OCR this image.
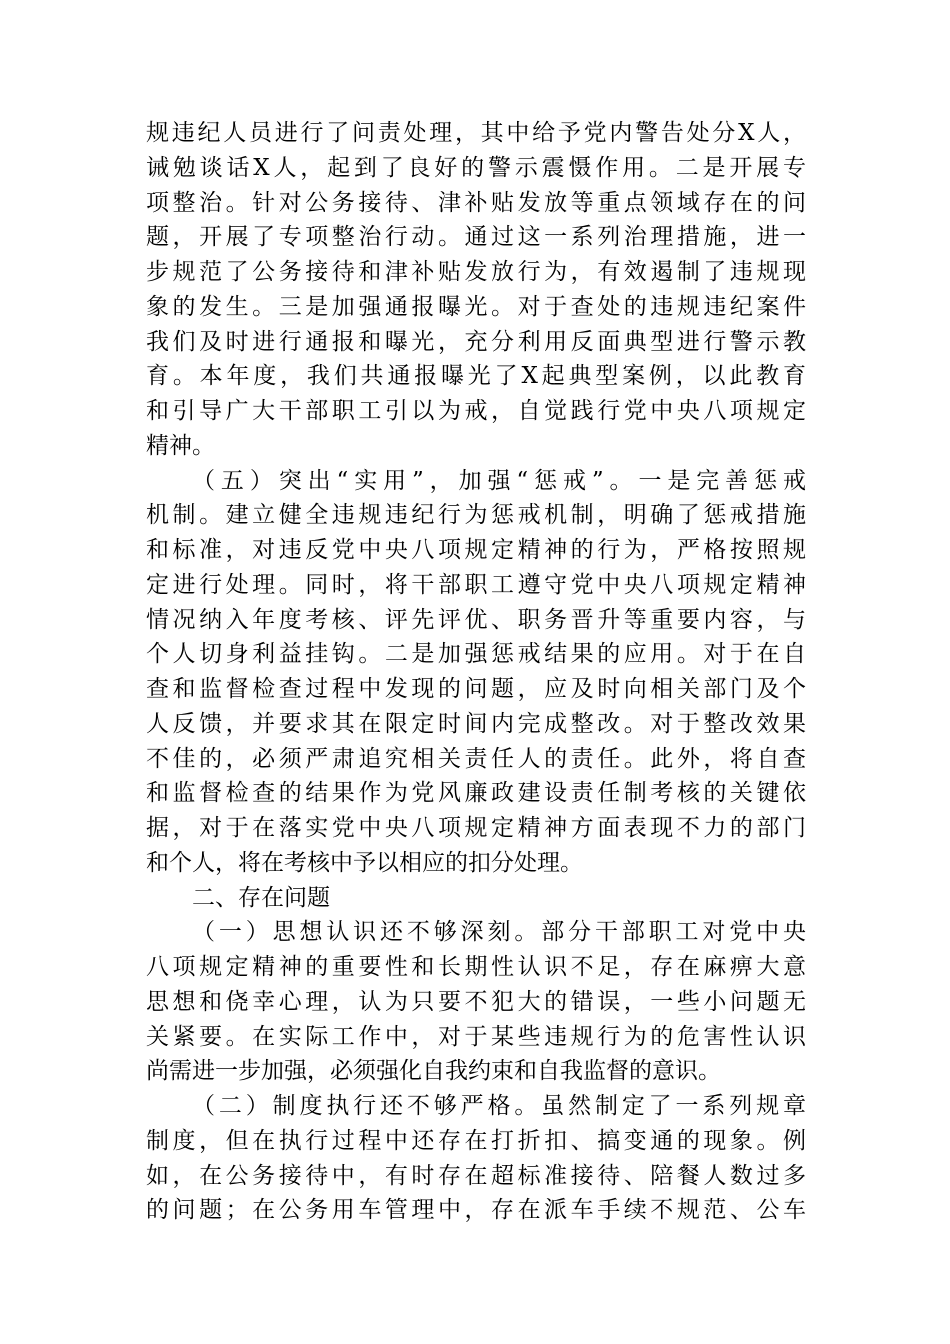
规违纪人员进行了问责处理，其中给予党内警告处分X人，
诫勉谈话X人，起到了良好的警示震慑作用。二是开展专
项整治。针对公务接待、津补贴发放等重点领域存在的问
题，开展了专项整治行动。通过这一系列治理措施，进一
步规范了公务接待和津补贴发放行为，有效遏制了违规现
象的发生。三是加强通报曝光。对于查处的违规违纪案件
我们及时进行通报和曝光，充分利用反面典型进行警示教
育。本年度，我们共通报曝光了X起典型案例，以此教育
和引导广大干部职工引以为戒，自觉践行党中央八项规定
精神。
（五）突出“实用”，加强“惩戒”。一是完善惩戒
机制。建立健全违规违纪行为惩戒机制，明确了惩戒措施
和标准，对违反党中央八项规定精神的行为，严格按照规
定进行处理。同时，将干部职工遵守党中央八项规定精神
情况纳入年度考核、评先评优、职务晋升等重要内容，与
个人切身利益挂钩。二是加强惩戒结果的应用。对于在自
查和监督检查过程中发现的问题，应及时向相关部门及个
人反馈，并要求其在限定时间内完成整改。对于整改效果
不佳的，必须严肃追究相关责任人的责任。此外，将自查
和监督检查的结果作为党风廉政建设责任制考核的关键依
据，对于在落实党中央八项规定精神方面表现不力的部门
和个人，将在考核中予以相应的扣分处理。
二、存在问题
（一）思想认识还不够深刻。部分干部职工对党中央
八项规定精神的重要性和长期性认识不足，存在麻痹大意
思想和侥幸心理，认为只要不犯大的错误，一些小问题无
关紧要。在实际工作中，对于某些违规行为的危害性认识
尚需进一步加强，必须强化自我约束和自我监督的意识。
（二）制度执行还不够严格。虽然制定了一系列规章
制度，但在执行过程中还存在打折扣、搞变通的现象。例
如，在公务接待中，有时存在超标准接待、陪餐人数过多
的问题；在公务用车管理中，存在派车手续不规范、公车
